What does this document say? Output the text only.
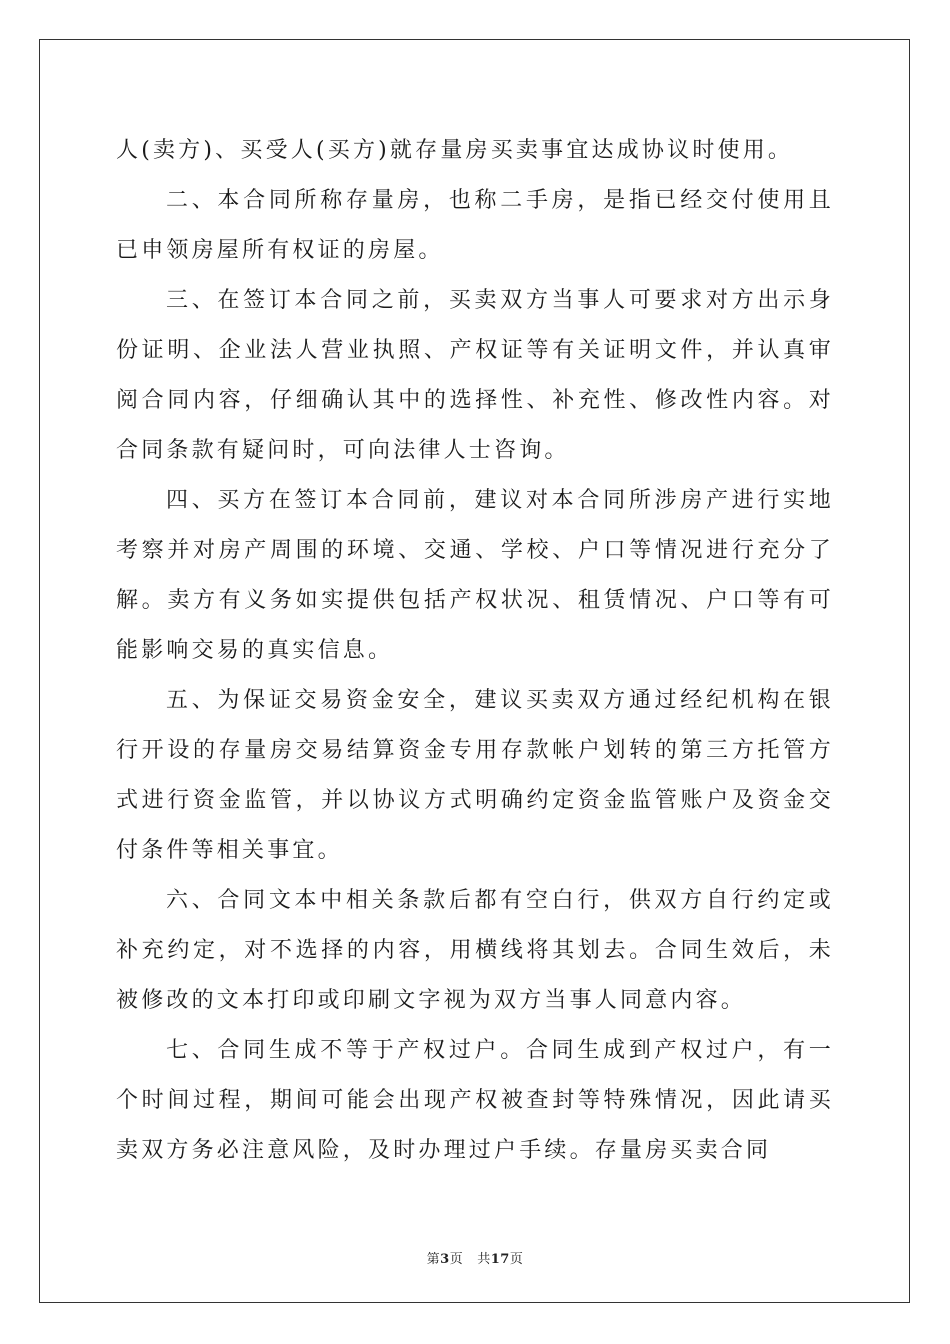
人(卖方)、买受人(买方)就存量房买卖事宜达成协议时使用。

二、本合同所称存量房，也称二手房，是指已经交付使用且已申领房屋所有权证的房屋。

三、在签订本合同之前，买卖双方当事人可要求对方出示身份证明、企业法人营业执照、产权证等有关证明文件，并认真审阅合同内容，仔细确认其中的选择性、补充性、修改性内容。对合同条款有疑问时，可向法律人士咨询。

四、买方在签订本合同前，建议对本合同所涉房产进行实地考察并对房产周围的环境、交通、学校、户口等情况进行充分了解。卖方有义务如实提供包括产权状况、租赁情况、户口等有可能影响交易的真实信息。

五、为保证交易资金安全，建议买卖双方通过经纪机构在银行开设的存量房交易结算资金专用存款帐户划转的第三方托管方式进行资金监管，并以协议方式明确约定资金监管账户及资金交付条件等相关事宜。

六、合同文本中相关条款后都有空白行，供双方自行约定或补充约定，对不选择的内容，用横线将其划去。合同生效后，未被修改的文本打印或印刷文字视为双方当事人同意内容。

七、合同生成不等于产权过户。合同生成到产权过户，有一个时间过程，期间可能会出现产权被查封等特殊情况，因此请买卖双方务必注意风险，及时办理过户手续。存量房买卖合同

第3页 共17页
